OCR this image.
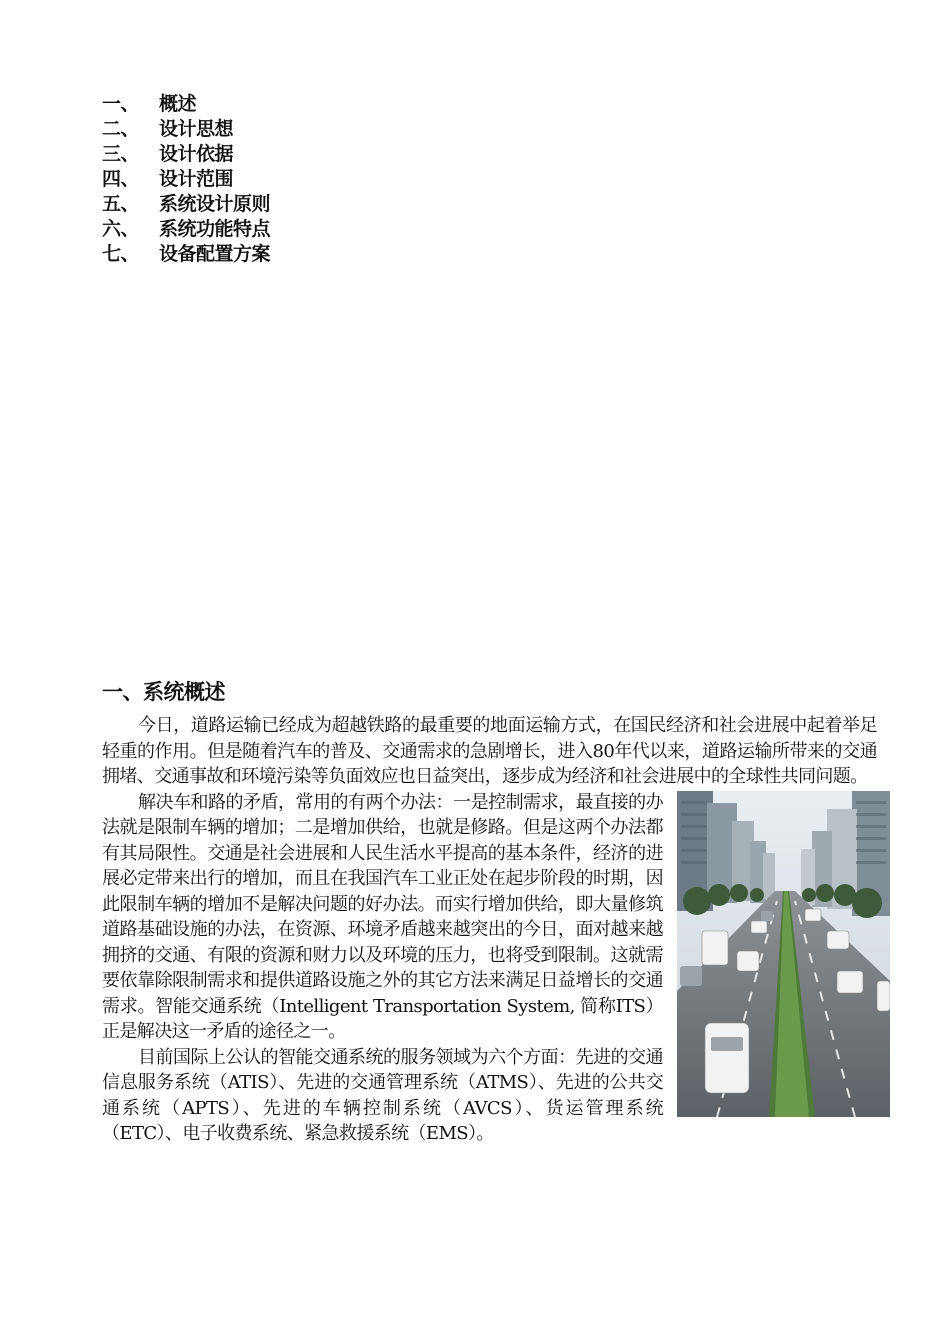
一、	概述
二、	设计思想
三、	设计依据
四、	设计范围
五、	系统设计原则
六、	系统功能特点
七、	设备配置方案
一、系统概述

今日，道路运输已经成为超越铁路的最重要的地面运输方式，在国民经济和社会进展中起着举足轻重的作用。但是随着汽车的普及、交通需求的急剧增长，进入80年代以来，道路运输所带来的交通拥堵、交通事故和环境污染等负面效应也日益突出，逐步成为经济和社会进展中的全球性共同问题。

解决车和路的矛盾，常用的有两个办法：一是控制需求，最直接的办法就是限制车辆的增加；二是增加供给，也就是修路。但是这两个办法都有其局限性。交通是社会进展和人民生活水平提高的基本条件，经济的进展必定带来出行的增加，而且在我国汽车工业正处在起步阶段的时期，因此限制车辆的增加不是解决问题的好办法。而实行增加供给，即大量修筑道路基础设施的办法，在资源、环境矛盾越来越突出的今日，面对越来越拥挤的交通、有限的资源和财力以及环境的压力，也将受到限制。这就需要依靠除限制需求和提供道路设施之外的其它方法来满足日益增长的交通需求。智能交通系统（Intelligent Transportation System, 简称ITS）正是解决这一矛盾的途径之一。

目前国际上公认的智能交通系统的服务领域为六个方面：先进的交通信息服务系统（ATIS）、先进的交通管理系统（ATMS）、先进的公共交通系统（APTS）、先进的车辆控制系统（AVCS）、货运管理系统（ETC）、电子收费系统、紧急救援系统（EMS）。
